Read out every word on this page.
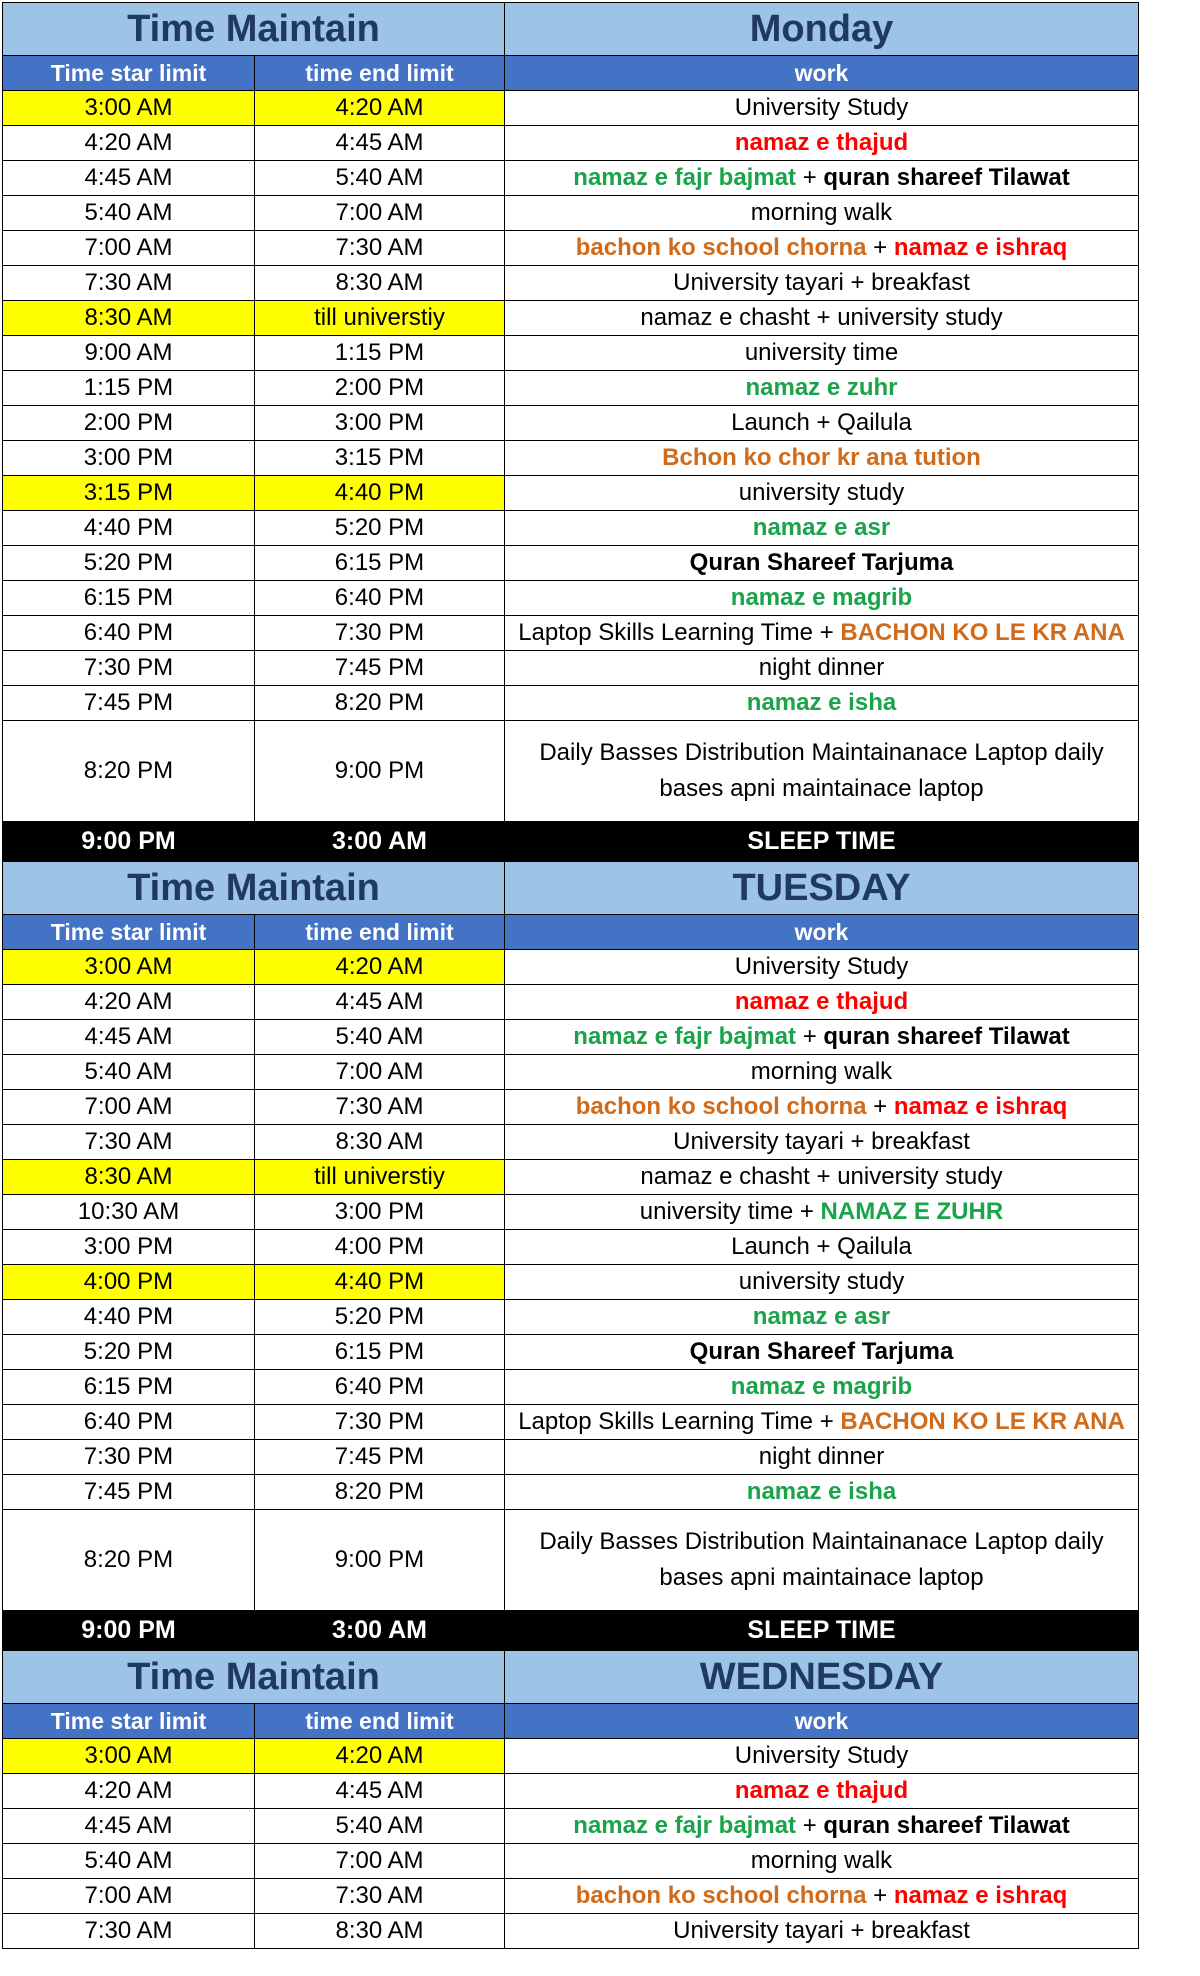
Time Maintain		Monday
Time star limit	time end limit	work
3:00 AM	4:20 AM	University Study
4:20 AM	4:45 AM	namaz e thajud
4:45 AM	5:40 AM	namaz e fajr bajmat + quran shareef Tilawat
5:40 AM	7:00 AM	morning walk
7:00 AM	7:30 AM	bachon ko school chorna + namaz e ishraq
7:30 AM	8:30 AM	University tayari + breakfast
8:30 AM	till universtiy	namaz e chasht + university study
9:00 AM	1:15 PM	university time
1:15 PM	2:00 PM	namaz e zuhr
2:00 PM	3:00 PM	Launch + Qailula
3:00 PM	3:15 PM	Bchon ko chor kr ana tution
3:15 PM	4:40 PM	university study
4:40 PM	5:20 PM	namaz e asr
5:20 PM	6:15 PM	Quran Shareef Tarjuma
6:15 PM	6:40 PM	namaz e magrib
6:40 PM	7:30 PM	Laptop Skills Learning Time + BACHON KO LE KR ANA
7:30 PM	7:45 PM	night dinner
7:45 PM	8:20 PM	namaz e isha
8:20 PM	9:00 PM	Daily Basses Distribution Maintainanace Laptop daily bases apni maintainace laptop
9:00 PM	3:00 AM	SLEEP TIME
Time Maintain		TUESDAY
Time star limit	time end limit	work
3:00 AM	4:20 AM	University Study
4:20 AM	4:45 AM	namaz e thajud
4:45 AM	5:40 AM	namaz e fajr bajmat + quran shareef Tilawat
5:40 AM	7:00 AM	morning walk
7:00 AM	7:30 AM	bachon ko school chorna + namaz e ishraq
7:30 AM	8:30 AM	University tayari + breakfast
8:30 AM	till universtiy	namaz e chasht + university study
10:30 AM	3:00 PM	university time + NAMAZ E ZUHR
3:00 PM	4:00 PM	Launch + Qailula
4:00 PM	4:40 PM	university study
4:40 PM	5:20 PM	namaz e asr
5:20 PM	6:15 PM	Quran Shareef Tarjuma
6:15 PM	6:40 PM	namaz e magrib
6:40 PM	7:30 PM	Laptop Skills Learning Time + BACHON KO LE KR ANA
7:30 PM	7:45 PM	night dinner
7:45 PM	8:20 PM	namaz e isha
8:20 PM	9:00 PM	Daily Basses Distribution Maintainanace Laptop daily bases apni maintainace laptop
9:00 PM	3:00 AM	SLEEP TIME
Time Maintain		WEDNESDAY
Time star limit	time end limit	work
3:00 AM	4:20 AM	University Study
4:20 AM	4:45 AM	namaz e thajud
4:45 AM	5:40 AM	namaz e fajr bajmat + quran shareef Tilawat
5:40 AM	7:00 AM	morning walk
7:00 AM	7:30 AM	bachon ko school chorna + namaz e ishraq
7:30 AM	8:30 AM	University tayari + breakfast
